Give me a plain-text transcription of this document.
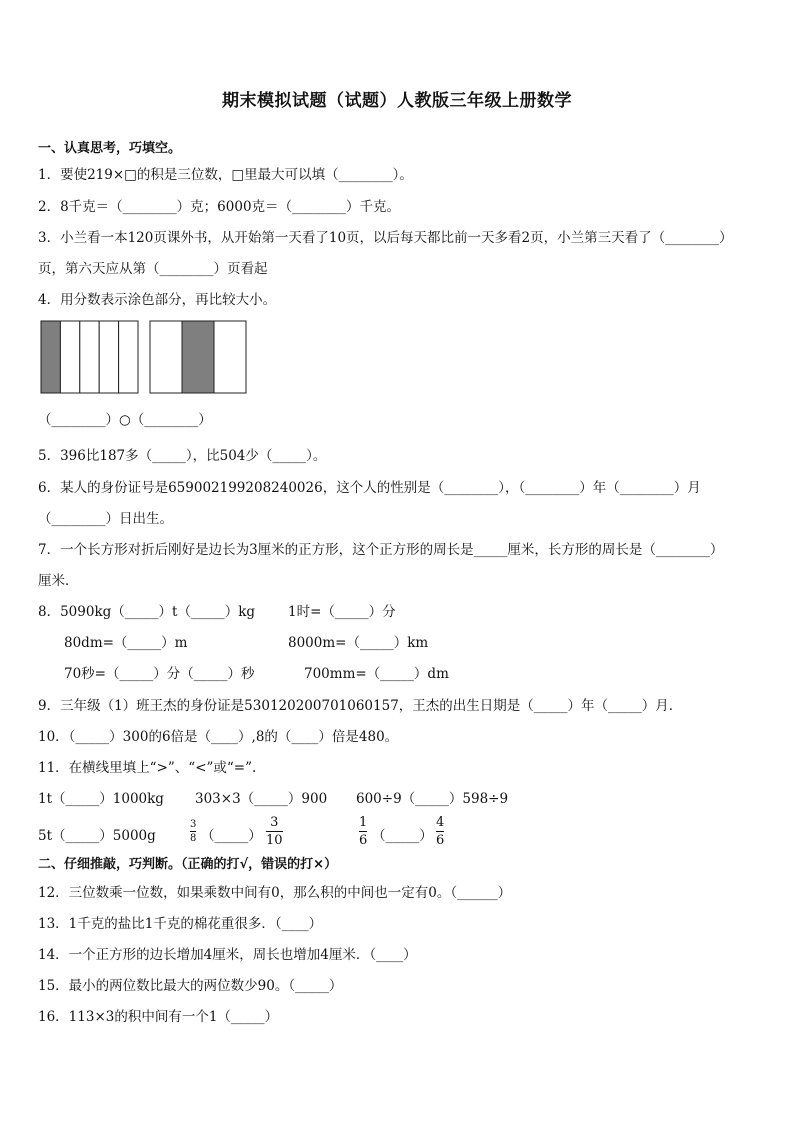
期末模拟试题（试题）人教版三年级上册数学
一、认真思考，巧填空。
1．要使219×□的积是三位数，□里最大可以填（________）。
2．8千克＝（________）克；6000克＝（________）千克。
3．小兰看一本120页课外书，从开始第一天看了10页，以后每天都比前一天多看2页，小兰第三天看了（________）
页，第六天应从第（________）页看起
4．用分数表示涂色部分，再比较大小。
（________）○（________）
5．396比187多（_____），比504少（_____）。
6．某人的身份证号是659002199208240026，这个人的性别是（________），（________）年（________）月
（________）日出生。
7．一个长方形对折后刚好是边长为3厘米的正方形，这个正方形的周长是_____厘米，长方形的周长是（________）
厘米．
8．5090kg（_____）t（_____）kg 1时=（_____）分
80dm=（_____）m	8000m=（_____）km
70秒=（_____）分（_____）秒	700mm=（_____）dm
9．三年级（1）班王杰的身份证是530120200701060157，王杰的出生日期是（_____）年（_____）月．
10．（_____）300的6倍是（____）,8的（____）倍是480。
11．在横线里填上“>”、“<”或“=”.
1t（_____）1000kg 303×3（_____）900 600÷9（_____）598÷9
5t（_____）5000g
3
8 （_____）
3
10
1
6 （_____）
4
6
二、仔细推敲，巧判断。（正确的打√，错误的打×）
12．三位数乘一位数，如果乘数中间有0，那么积的中间也一定有0。（______）
13．1千克的盐比1千克的棉花重很多．（____）
14．一个正方形的边长增加4厘米，周长也增加4厘米．（____）
15．最小的两位数比最大的两位数少90。（_____）
16．113×3的积中间有一个1（_____）
